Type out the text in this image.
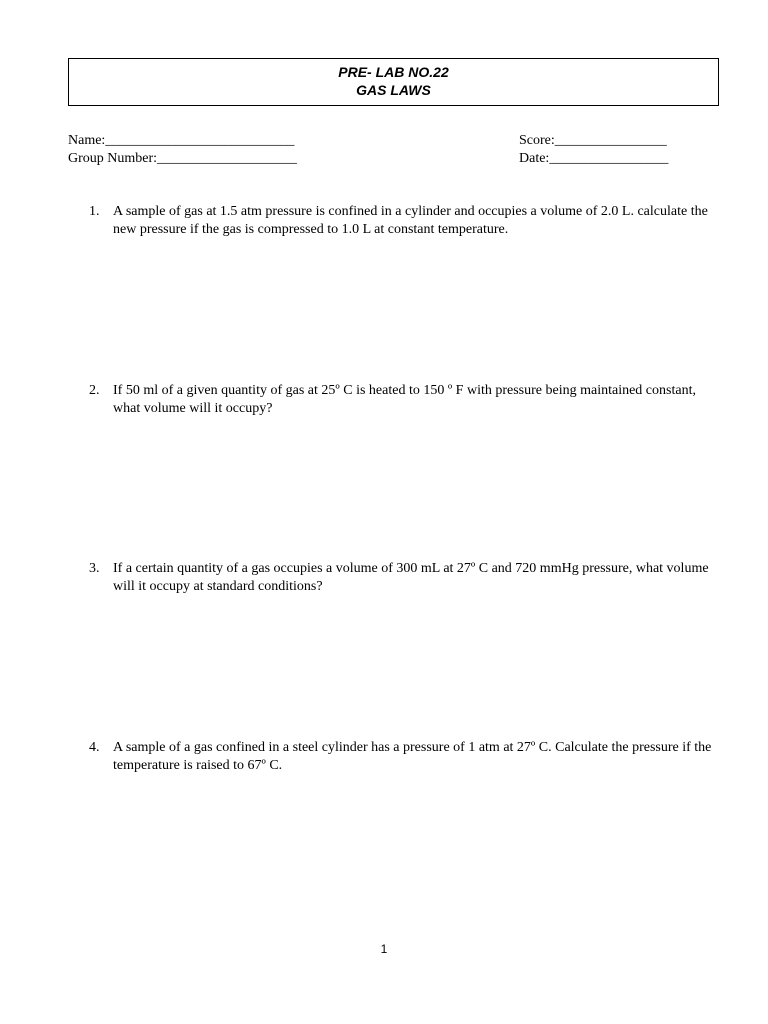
PRE- LAB NO.22
GAS LAWS
Name:___________________________
Group Number:____________________
Score:________________
Date:_________________
1. A sample of gas at 1.5 atm pressure is confined in a cylinder and occupies a volume of 2.0 L. calculate the new pressure if the gas is compressed to 1.0 L at constant temperature.
2. If 50 ml of a given quantity of gas at 25º C is heated to 150 º F with pressure being maintained constant, what volume will it occupy?
3. If a certain quantity of a gas occupies a volume of 300 mL at 27º C and 720 mmHg pressure, what volume will it occupy at standard conditions?
4. A sample of a gas confined in a steel cylinder has a pressure of 1 atm at 27º C. Calculate the pressure if the temperature is raised to 67º C.
1
